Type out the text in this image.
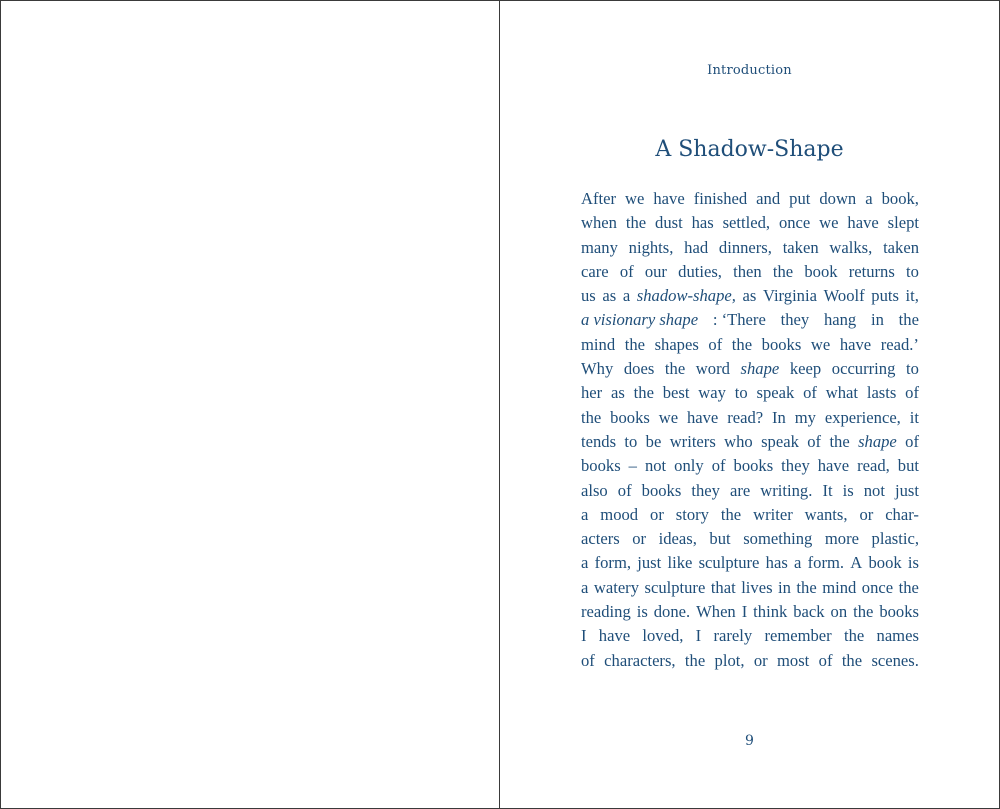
Introduction
A Shadow-Shape
After we have finished and put down a book,
when the dust has settled, once we have slept
many nights, had dinners, taken walks, taken
care of our duties, then the book returns to
us as a shadow-shape, as Virginia Woolf puts it,
a visionary shape : ‘There they hang in the
mind the shapes of the books we have read.’
Why does the word shape keep occurring to
her as the best way to speak of what lasts of
the books we have read? In my experience, it
tends to be writers who speak of the shape of
books – not only of books they have read, but
also of books they are writing. It is not just
a mood or story the writer wants, or char-
acters or ideas, but something more plastic,
a form, just like sculpture has a form. A book is
a watery sculpture that lives in the mind once the
reading is done. When I think back on the books
I have loved, I rarely remember the names
of characters, the plot, or most of the scenes.
9
